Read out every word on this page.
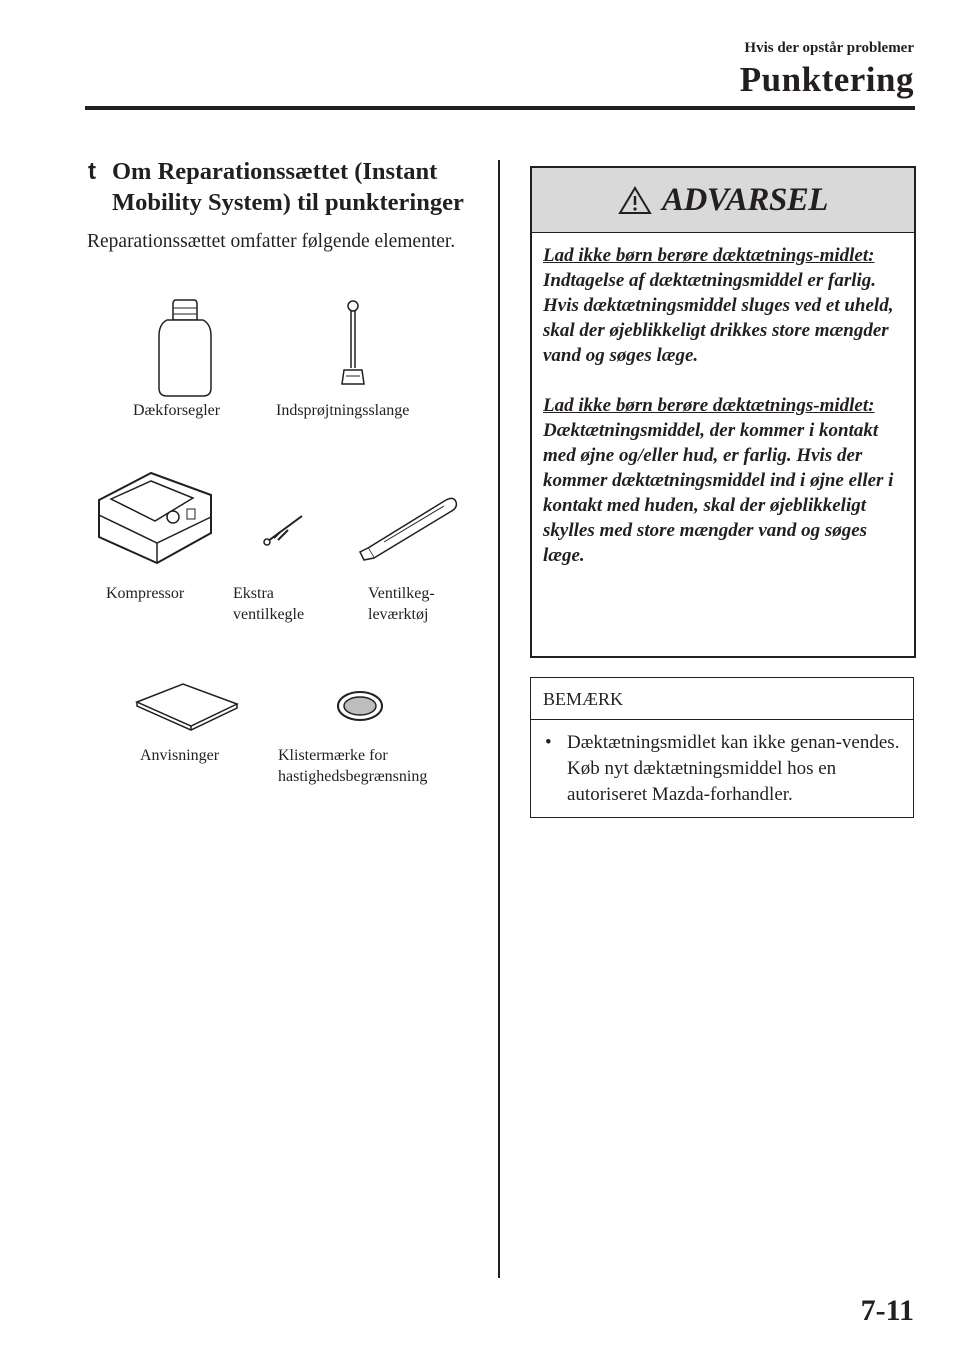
Hvis der opstår problemer
Punktering
t Om Reparationssættet (Instant Mobility System) til punkteringer
Reparationssættet omfatter følgende elementer.
Dækforsegler	Indsprøjtningsslange
Kompressor	Ekstra
ventilkegle
Ventilkeg-
leværktøj
Anvisninger	Klistermærke for
hastighedsbegrænsning
ADVARSEL
Lad ikke børn berøre dæktætnings-midlet:

Indtagelse af dæktætningsmiddel er farlig. Hvis dæktætningsmiddel sluges ved et uheld, skal der øjeblikkeligt drikkes store mængder vand og søges læge.

Lad ikke børn berøre dæktætnings-midlet:

Dæktætningsmiddel, der kommer i kontakt med øjne og/eller hud, er farlig. Hvis der kommer dæktætningsmiddel ind i øjne eller i kontakt med huden, skal der øjeblikkeligt skylles med store mængder vand og søges læge.

BEMÆRK
• Dæktætningsmidlet kan ikke genan-vendes. Køb nyt dæktætningsmiddel hos en autoriseret Mazda-forhandler.
7-11
